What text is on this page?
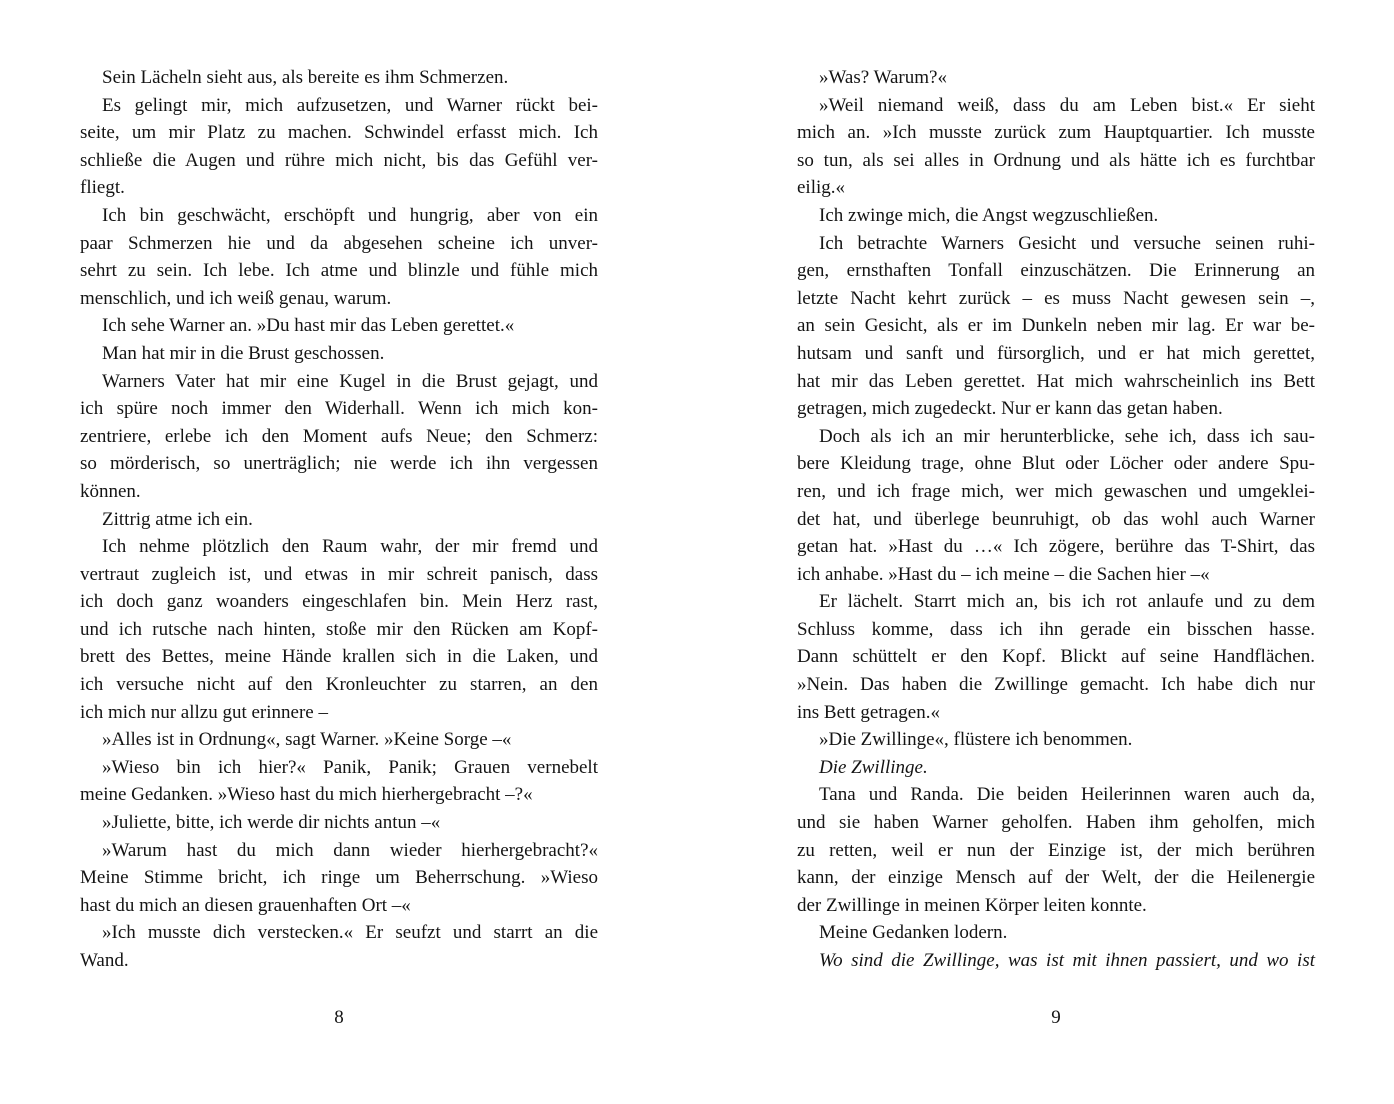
Sein Lächeln sieht aus, als bereite es ihm Schmerzen.
Es gelingt mir, mich aufzusetzen, und Warner rückt bei-
seite, um mir Platz zu machen. Schwindel erfasst mich. Ich
schließe die Augen und rühre mich nicht, bis das Gefühl ver-
fliegt.
Ich bin geschwächt, erschöpft und hungrig, aber von ein
paar Schmerzen hie und da abgesehen scheine ich unver-
sehrt zu sein. Ich lebe. Ich atme und blinzle und fühle mich
menschlich, und ich weiß genau, warum.
Ich sehe Warner an. »Du hast mir das Leben gerettet.«
Man hat mir in die Brust geschossen.
Warners Vater hat mir eine Kugel in die Brust gejagt, und
ich spüre noch immer den Widerhall. Wenn ich mich kon-
zentriere, erlebe ich den Moment aufs Neue; den Schmerz:
so mörderisch, so unerträglich; nie werde ich ihn vergessen
können.
Zittrig atme ich ein.
Ich nehme plötzlich den Raum wahr, der mir fremd und
vertraut zugleich ist, und etwas in mir schreit panisch, dass
ich doch ganz woanders eingeschlafen bin. Mein Herz rast,
und ich rutsche nach hinten, stoße mir den Rücken am Kopf-
brett des Bettes, meine Hände krallen sich in die Laken, und
ich versuche nicht auf den Kronleuchter zu starren, an den
ich mich nur allzu gut erinnere –
»Alles ist in Ordnung«, sagt Warner. »Keine Sorge –«
»Wieso bin ich hier?« Panik, Panik; Grauen vernebelt
meine Gedanken. »Wieso hast du mich hierhergebracht –?«
»Juliette, bitte, ich werde dir nichts antun –«
»Warum hast du mich dann wieder hierhergebracht?«
Meine Stimme bricht, ich ringe um Beherrschung. »Wieso
hast du mich an diesen grauenhaften Ort –«
»Ich musste dich verstecken.« Er seufzt und starrt an die
Wand.
8
»Was? Warum?«
»Weil niemand weiß, dass du am Leben bist.« Er sieht
mich an. »Ich musste zurück zum Hauptquartier. Ich musste
so tun, als sei alles in Ordnung und als hätte ich es furchtbar
eilig.«
Ich zwinge mich, die Angst wegzuschließen.
Ich betrachte Warners Gesicht und versuche seinen ruhi-
gen, ernsthaften Tonfall einzuschätzen. Die Erinnerung an
letzte Nacht kehrt zurück – es muss Nacht gewesen sein –,
an sein Gesicht, als er im Dunkeln neben mir lag. Er war be-
hutsam und sanft und fürsorglich, und er hat mich gerettet,
hat mir das Leben gerettet. Hat mich wahrscheinlich ins Bett
getragen, mich zugedeckt. Nur er kann das getan haben.
Doch als ich an mir herunterblicke, sehe ich, dass ich sau-
bere Kleidung trage, ohne Blut oder Löcher oder andere Spu-
ren, und ich frage mich, wer mich gewaschen und umgeklei-
det hat, und überlege beunruhigt, ob das wohl auch Warner
getan hat. »Hast du …« Ich zögere, berühre das T-Shirt, das
ich anhabe. »Hast du – ich meine – die Sachen hier –«
Er lächelt. Starrt mich an, bis ich rot anlaufe und zu dem
Schluss komme, dass ich ihn gerade ein bisschen hasse.
Dann schüttelt er den Kopf. Blickt auf seine Handflächen.
»Nein. Das haben die Zwillinge gemacht. Ich habe dich nur
ins Bett getragen.«
»Die Zwillinge«, flüstere ich benommen.
Die Zwillinge.
Tana und Randa. Die beiden Heilerinnen waren auch da,
und sie haben Warner geholfen. Haben ihm geholfen, mich
zu retten, weil er nun der Einzige ist, der mich berühren
kann, der einzige Mensch auf der Welt, der die Heilenergie
der Zwillinge in meinen Körper leiten konnte.
Meine Gedanken lodern.
Wo sind die Zwillinge, was ist mit ihnen passiert, und wo ist
9
